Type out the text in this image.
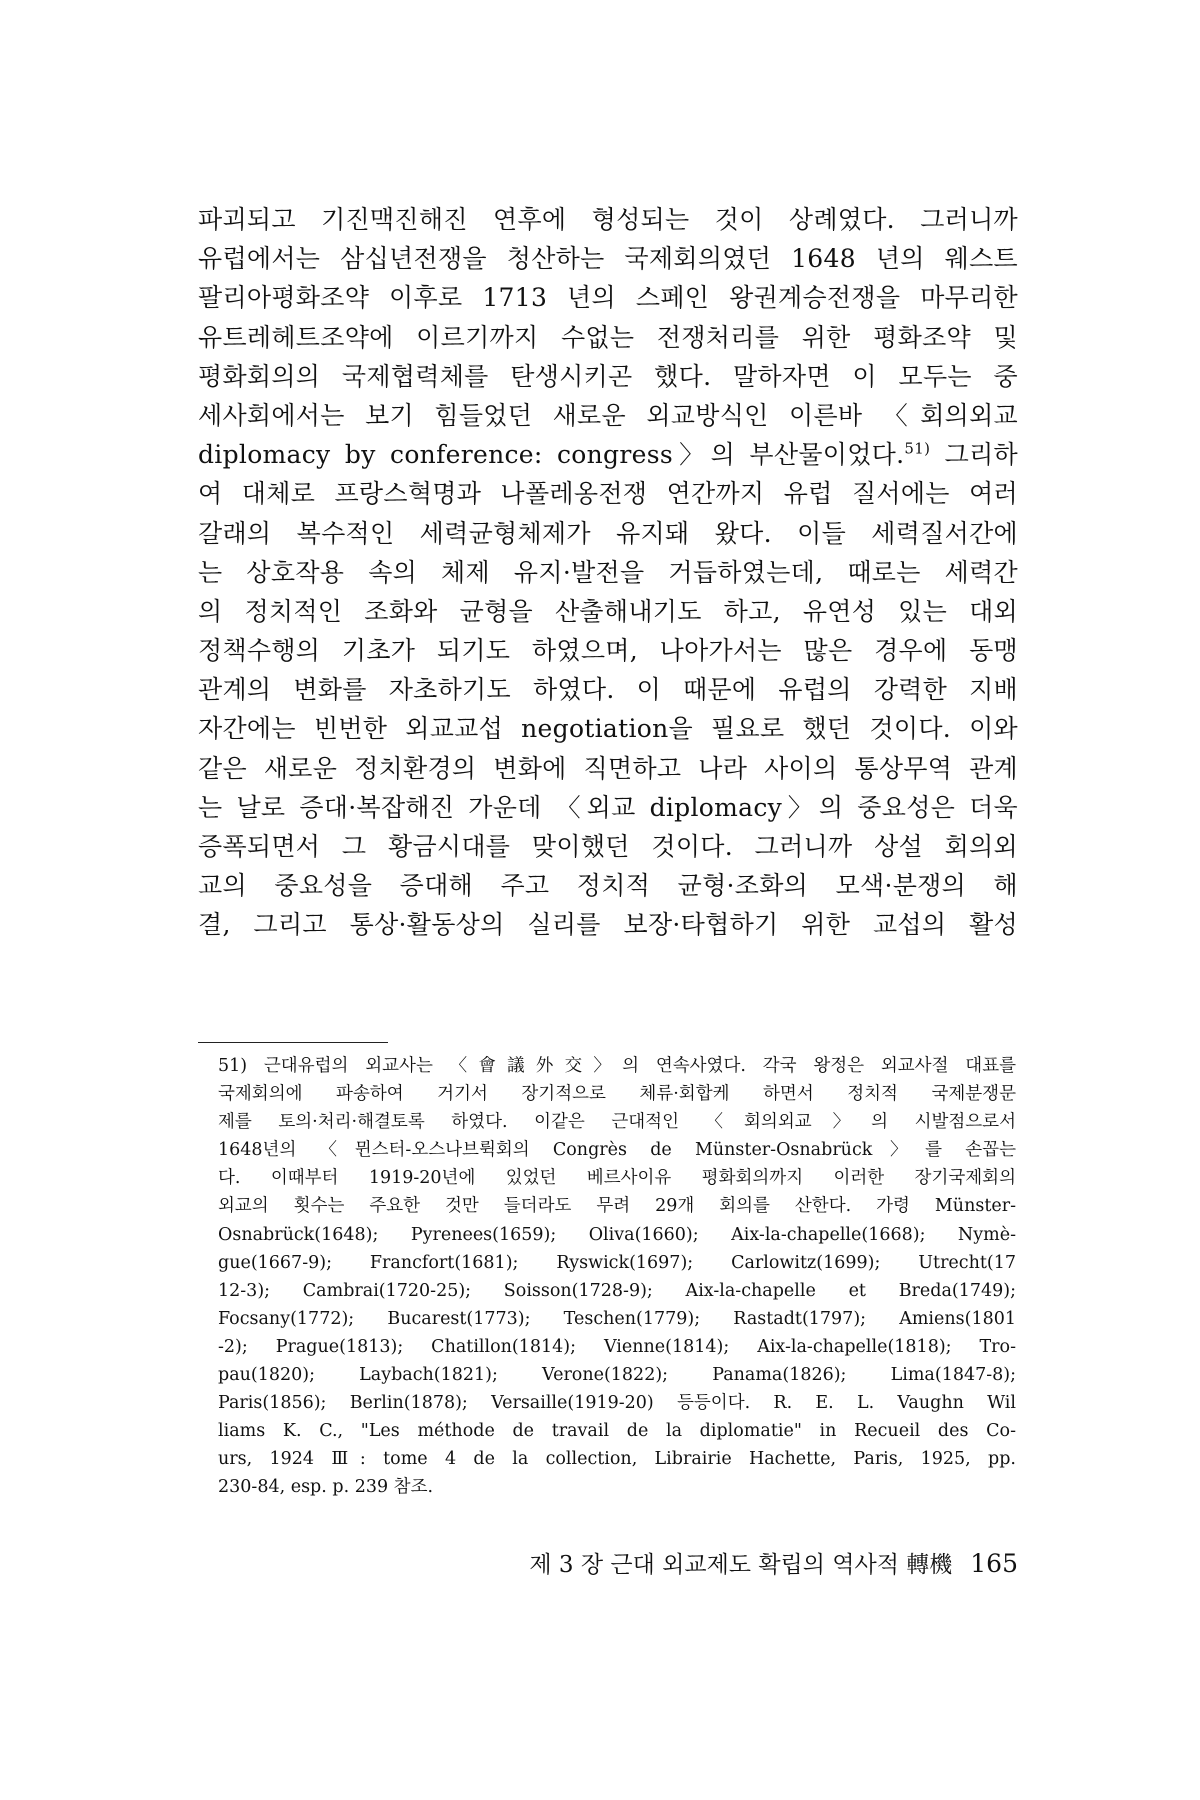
파괴되고 기진맥진해진 연후에 형성되는 것이 상례였다. 그러니까
유럽에서는 삼십년전쟁을 청산하는 국제회의였던 1648 년의 웨스트
팔리아평화조약 이후로 1713 년의 스페인 왕권계승전쟁을 마무리한
유트레헤트조약에 이르기까지 수없는 전쟁처리를 위한 평화조약 및
평화회의의 국제협력체를 탄생시키곤 했다. 말하자면 이 모두는 중
세사회에서는 보기 힘들었던 새로운 외교방식인 이른바 〈회의외교
diplomacy by conference: congress〉의 부산물이었다.$^{51)}$ 그리하
여 대체로 프랑스혁명과 나폴레옹전쟁 연간까지 유럽 질서에는 여러
갈래의 복수적인 세력균형체제가 유지돼 왔다. 이들 세력질서간에
는 상호작용 속의 체제 유지·발전을 거듭하였는데, 때로는 세력간
의 정치적인 조화와 균형을 산출해내기도 하고, 유연성 있는 대외
정책수행의 기초가 되기도 하였으며, 나아가서는 많은 경우에 동맹
관계의 변화를 자초하기도 하였다. 이 때문에 유럽의 강력한 지배
자간에는 빈번한 외교교섭 negotiation을 필요로 했던 것이다. 이와
같은 새로운 정치환경의 변화에 직면하고 나라 사이의 통상무역 관계
는 날로 증대·복잡해진 가운데 〈외교 diplomacy〉의 중요성은 더욱
증폭되면서 그 황금시대를 맞이했던 것이다. 그러니까 상설 회의외
교의 중요성을 증대해 주고 정치적 균형·조화의 모색·분쟁의 해
결, 그리고 통상·활동상의 실리를 보장·타협하기 위한 교섭의 활성
51) 근대유럽의 외교사는 〈會議外交〉의 연속사였다. 각국 왕정은 외교사절 대표를
국제회의에 파송하여 거기서 장기적으로 체류·회합케 하면서 정치적 국제분쟁문
제를 토의·처리·해결토록 하였다. 이같은 근대적인 〈회의외교〉의 시발점으로서
1648년의 〈뮌스터-오스나브뤽회의 Congrès de Münster-Osnabrück〉를 손꼽는
다. 이때부터 1919-20년에 있었던 베르사이유 평화회의까지 이러한 장기국제회의
외교의 횟수는 주요한 것만 들더라도 무려 29개 회의를 산한다. 가령 Münster-
Osnabrück(1648); Pyrenees(1659); Oliva(1660); Aix-la-chapelle(1668); Nymè-
gue(1667-9); Francfort(1681); Ryswick(1697); Carlowitz(1699); Utrecht(17
12-3); Cambrai(1720-25); Soisson(1728-9); Aix-la-chapelle et Breda(1749);
Focsany(1772); Bucarest(1773); Teschen(1779); Rastadt(1797); Amiens(1801
-2); Prague(1813); Chatillon(1814); Vienne(1814); Aix-la-chapelle(1818); Tro-
pau(1820); Laybach(1821); Verone(1822); Panama(1826); Lima(1847-8);
Paris(1856); Berlin(1878); Versaille(1919-20) 등등이다. R. E. L. Vaughn Wil
liams K. C., "Les méthode de travail de la diplomatie" in Recueil des Co-
urs, 1924 Ⅲ: tome 4 de la collection, Librairie Hachette, Paris, 1925, pp.
230-84, esp. p. 239 참조.
제 3 장 근대 외교제도 확립의 역사적 轉機 165
